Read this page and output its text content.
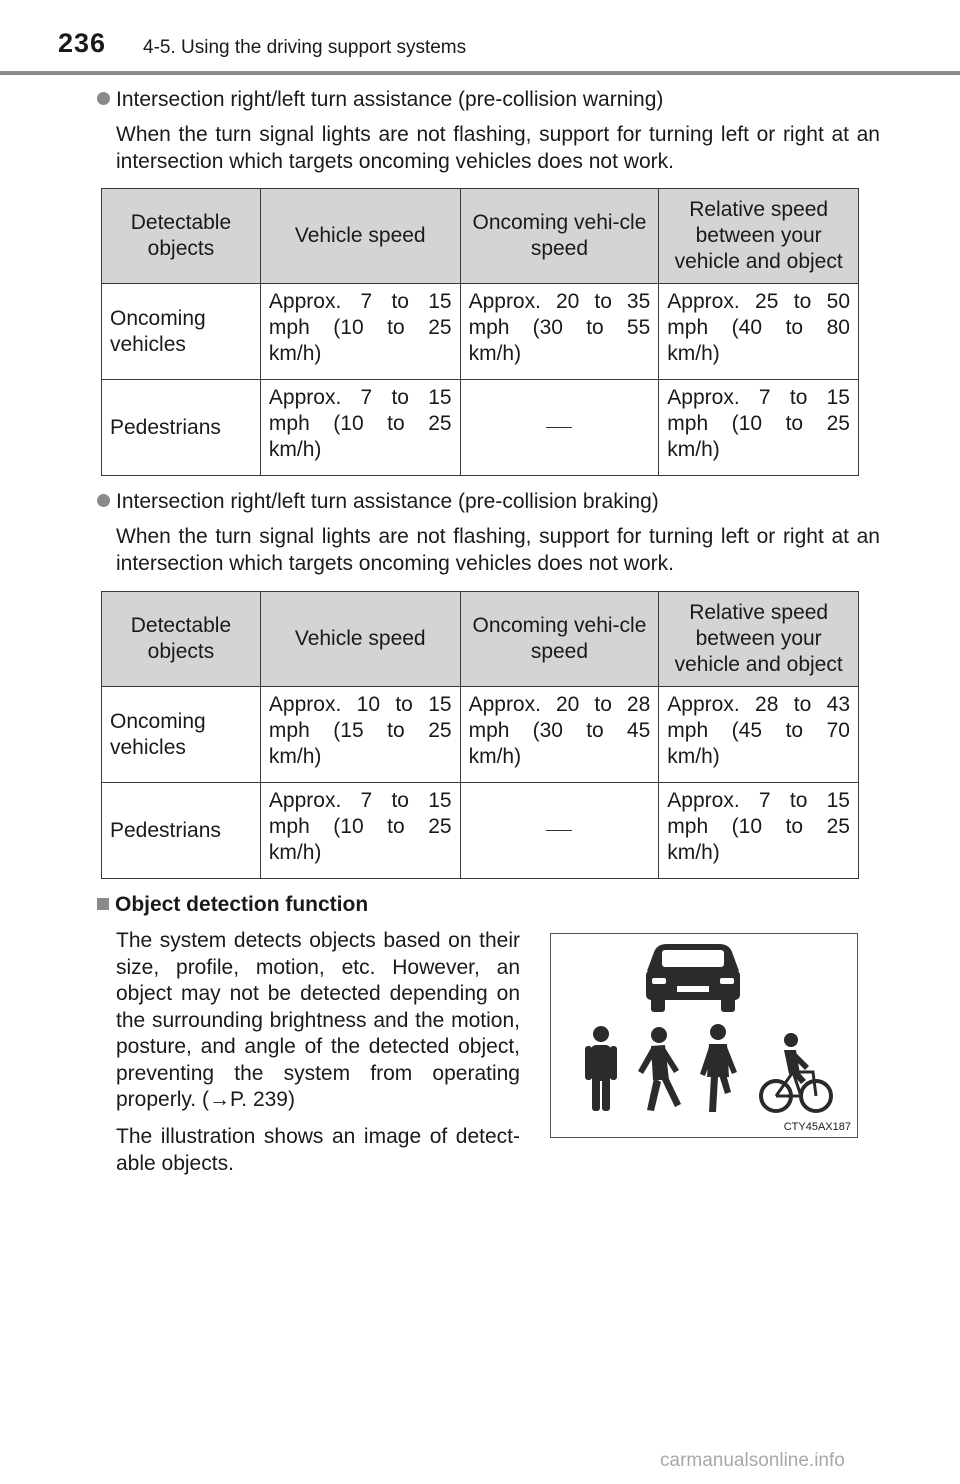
236 4-5. Using the driving support systems
Intersection right/left turn assistance (pre-collision warning)
When the turn signal lights are not flashing, support for turning left or right at an intersection which targets oncoming vehicles does not work.
Detectable objects	Vehicle speed	Oncoming vehi-cle speed	Relative speed between your vehicle and object
Oncoming vehicles	Approx. 7 to 15 mph (10 to 25 km/h)	Approx. 20 to 35 mph (30 to 55 km/h)	Approx. 25 to 50 mph (40 to 80 km/h)
Pedestrians	Approx. 7 to 15 mph (10 to 25 km/h)		Approx. 7 to 15 mph (10 to 25 km/h)
Intersection right/left turn assistance (pre-collision braking)
When the turn signal lights are not flashing, support for turning left or right at an intersection which targets oncoming vehicles does not work.
Detectable objects	Vehicle speed	Oncoming vehi-cle speed	Relative speed between your vehicle and object
Oncoming vehicles	Approx. 10 to 15 mph (15 to 25 km/h)	Approx. 20 to 28 mph (30 to 45 km/h)	Approx. 28 to 43 mph (45 to 70 km/h)
Pedestrians	Approx. 7 to 15 mph (10 to 25 km/h)		Approx. 7 to 15 mph (10 to 25 km/h)
Object detection function
The system detects objects based on their size, profile, motion, etc. However, an object may not be detected depending on the surrounding brightness and the motion, posture, and angle of the detected object, preventing the system from operating properly. (→P. 239)
The illustration shows an image of detect-able objects.
CTY45AX187
carmanualsonline.info
